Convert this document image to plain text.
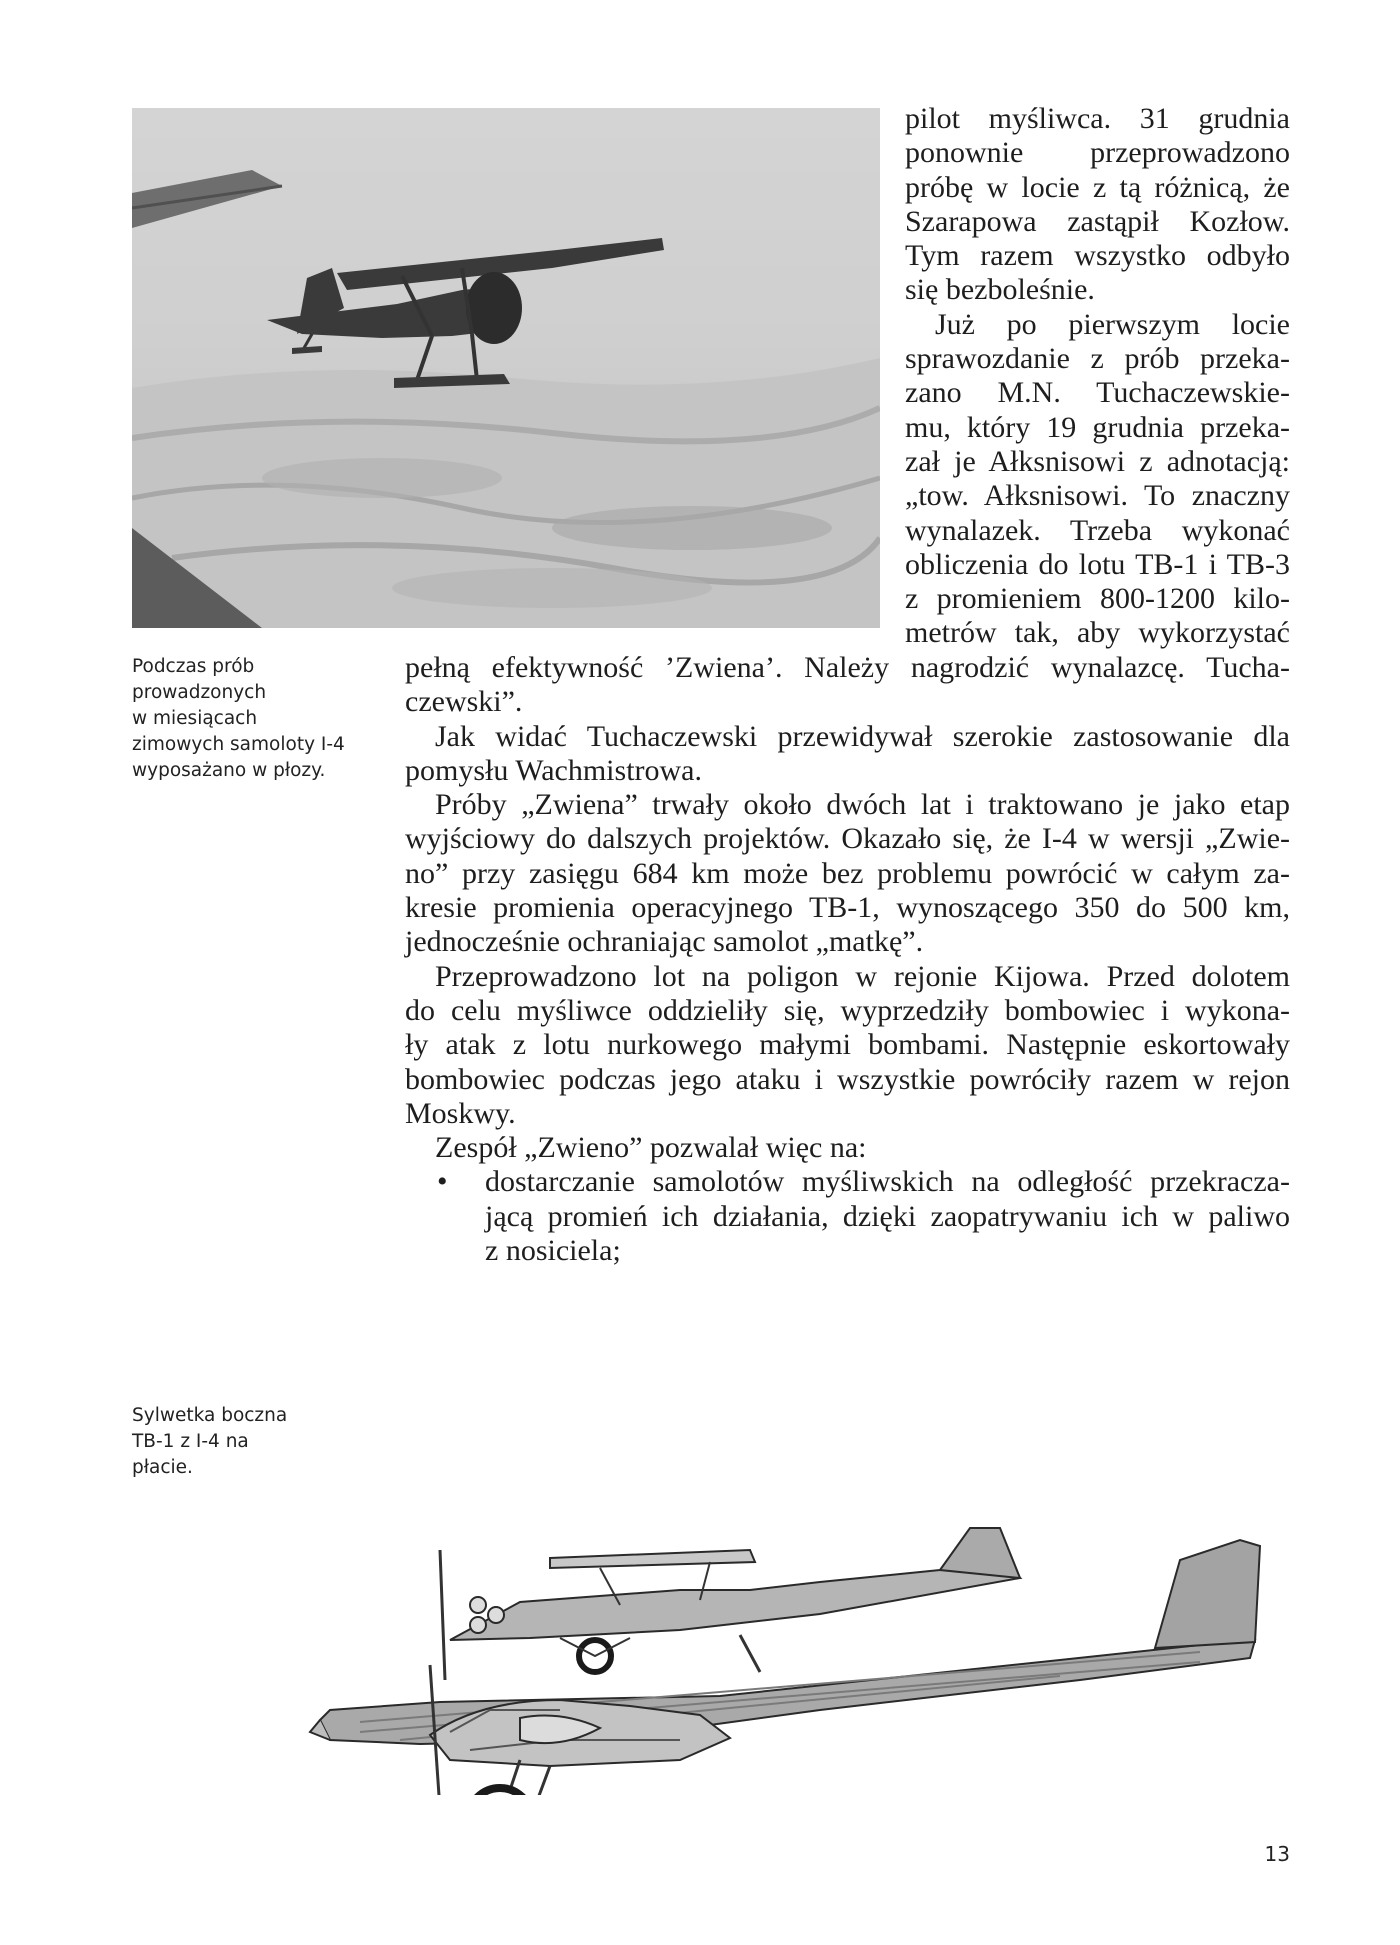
Podczas prób
prowadzonych
w miesiącach
zimowych samoloty I-4
wyposażano w płozy.

pilot myśliwca. 31 grudnia
ponownie przeprowadzono
próbę w locie z tą różnicą, że
Szarapowa zastąpił Kozłow.
Tym razem wszystko odbyło
się bezboleśnie.
Już po pierwszym locie
sprawozdanie z prób przeka-
zano M.N. Tuchaczewskie-
mu, który 19 grudnia przeka-
zał je Ałksnisowi z adnotacją:
„tow. Ałksnisowi. To znaczny
wynalazek. Trzeba wykonać
obliczenia do lotu TB-1 i TB-3
z promieniem 800-1200 kilo-
metrów tak, aby wykorzystać
pełną efektywność ’Zwiena’. Należy nagrodzić wynalazcę. Tucha-
czewski”.
Jak widać Tuchaczewski przewidywał szerokie zastosowanie dla
pomysłu Wachmistrowa.
Próby „Zwiena” trwały około dwóch lat i traktowano je jako etap
wyjściowy do dalszych projektów. Okazało się, że I-4 w wersji „Zwie-
no” przy zasięgu 684 km może bez problemu powrócić w całym za-
kresie promienia operacyjnego TB-1, wynoszącego 350 do 500 km,
jednocześnie ochraniając samolot „matkę”.
Przeprowadzono lot na poligon w rejonie Kijowa. Przed dolotem
do celu myśliwce oddzieliły się, wyprzedziły bombowiec i wykona-
ły atak z lotu nurkowego małymi bombami. Następnie eskortowały
bombowiec podczas jego ataku i wszystkie powróciły razem w rejon
Moskwy.
Zespół „Zwieno” pozwalał więc na:
• dostarczanie samolotów myśliwskich na odległość przekracza-
jącą promień ich działania, dzięki zaopatrywaniu ich w paliwo
z nosiciela;

Sylwetka boczna
TB-1 z I-4 na
płacie.

13
